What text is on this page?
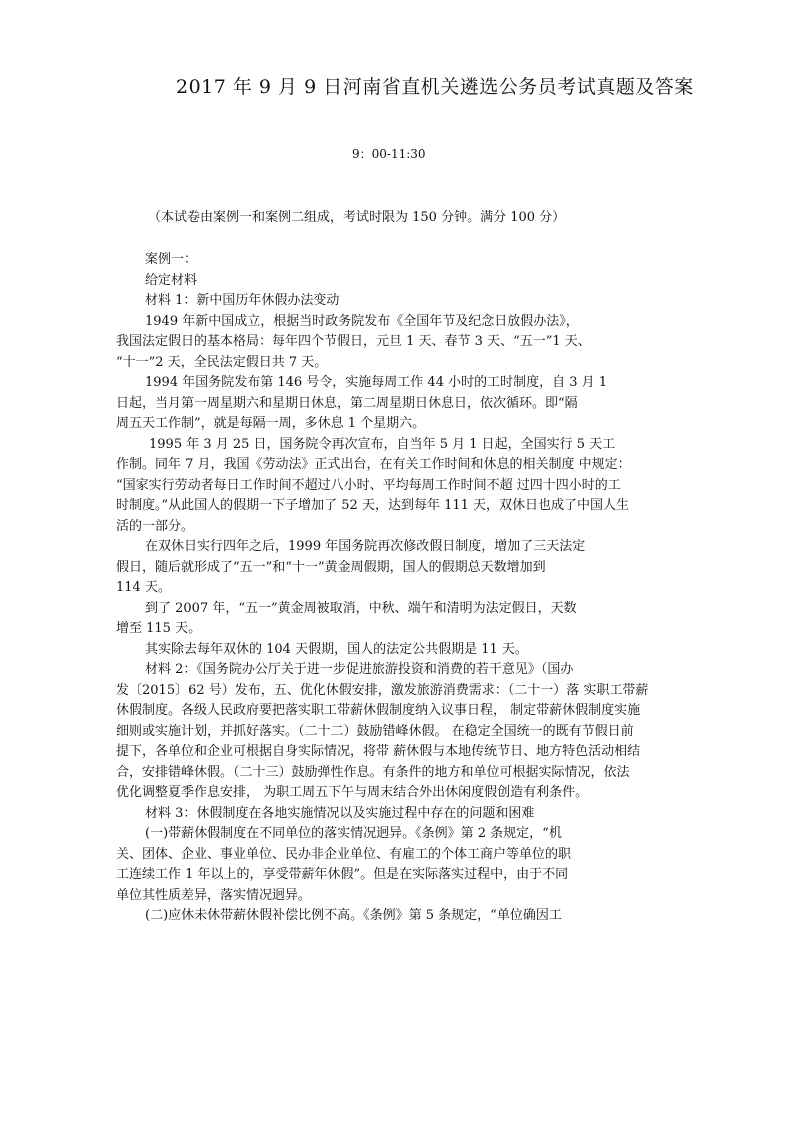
2017 年 9 月 9 日河南省直机关遴选公务员考试真题及答案
9：00-11:30
（本试卷由案例一和案例二组成，考试时限为 150 分钟。满分 100 分）
案例一：
给定材料
材料 1：新中国历年休假办法变动
1949 年新中国成立，根据当时政务院发布《全国年节及纪念日放假办法》，
我国法定假日的基本格局：每年四个节假日，元旦 1 天、春节 3 天、“五一”1 天、
“十一”2 天，全民法定假日共 7 天。
1994 年国务院发布第 146 号令，实施每周工作 44 小时的工时制度，自 3 月 1
日起，当月第一周星期六和星期日休息，第二周星期日休息日，依次循环。即“隔
周五天工作制”，就是每隔一周，多休息 1 个星期六。
1995 年 3 月 25 日，国务院令再次宣布，自当年 5 月 1 日起，全国实行 5 天工
作制。同年 7 月，我国《劳动法》正式出台，在有关工作时间和休息的相关制度 中规定：
“国家实行劳动者每日工作时间不超过八小时、平均每周工作时间不超 过四十四小时的工
时制度。”从此国人的假期一下子增加了 52 天，达到每年 111 天，双休日也成了中国人生
活的一部分。
在双休日实行四年之后，1999 年国务院再次修改假日制度，增加了三天法定
假日，随后就形成了“五一”和“十一”黄金周假期，国人的假期总天数增加到
114 天。
到了 2007 年，“五一”黄金周被取消，中秋、端午和清明为法定假日，天数
增至 115 天。
其实除去每年双休的 104 天假期，国人的法定公共假期是 11 天。
材料 2：《国务院办公厅关于进一步促进旅游投资和消费的若干意见》（国办
发〔2015〕62 号）发布，五、优化休假安排，激发旅游消费需求：（二十一）落 实职工带薪
休假制度。各级人民政府要把落实职工带薪休假制度纳入议事日程， 制定带薪休假制度实施
细则或实施计划，并抓好落实。（二十二）鼓励错峰休假。 在稳定全国统一的既有节假日前
提下，各单位和企业可根据自身实际情况，将带 薪休假与本地传统节日、地方特色活动相结
合，安排错峰休假。（二十三）鼓励弹性作息。有条件的地方和单位可根据实际情况，依法
优化调整夏季作息安排， 为职工周五下午与周末结合外出休闲度假创造有利条件。
材料 3：休假制度在各地实施情况以及实施过程中存在的问题和困难
(一)带薪休假制度在不同单位的落实情况迥异。《条例》第 2 条规定，“机
关、团体、企业、事业单位、民办非企业单位、有雇工的个体工商户等单位的职
工连续工作 1 年以上的，享受带薪年休假”。但是在实际落实过程中，由于不同
单位其性质差异，落实情况迥异。
(二)应休未休带薪休假补偿比例不高。《条例》第 5 条规定，“单位确因工
